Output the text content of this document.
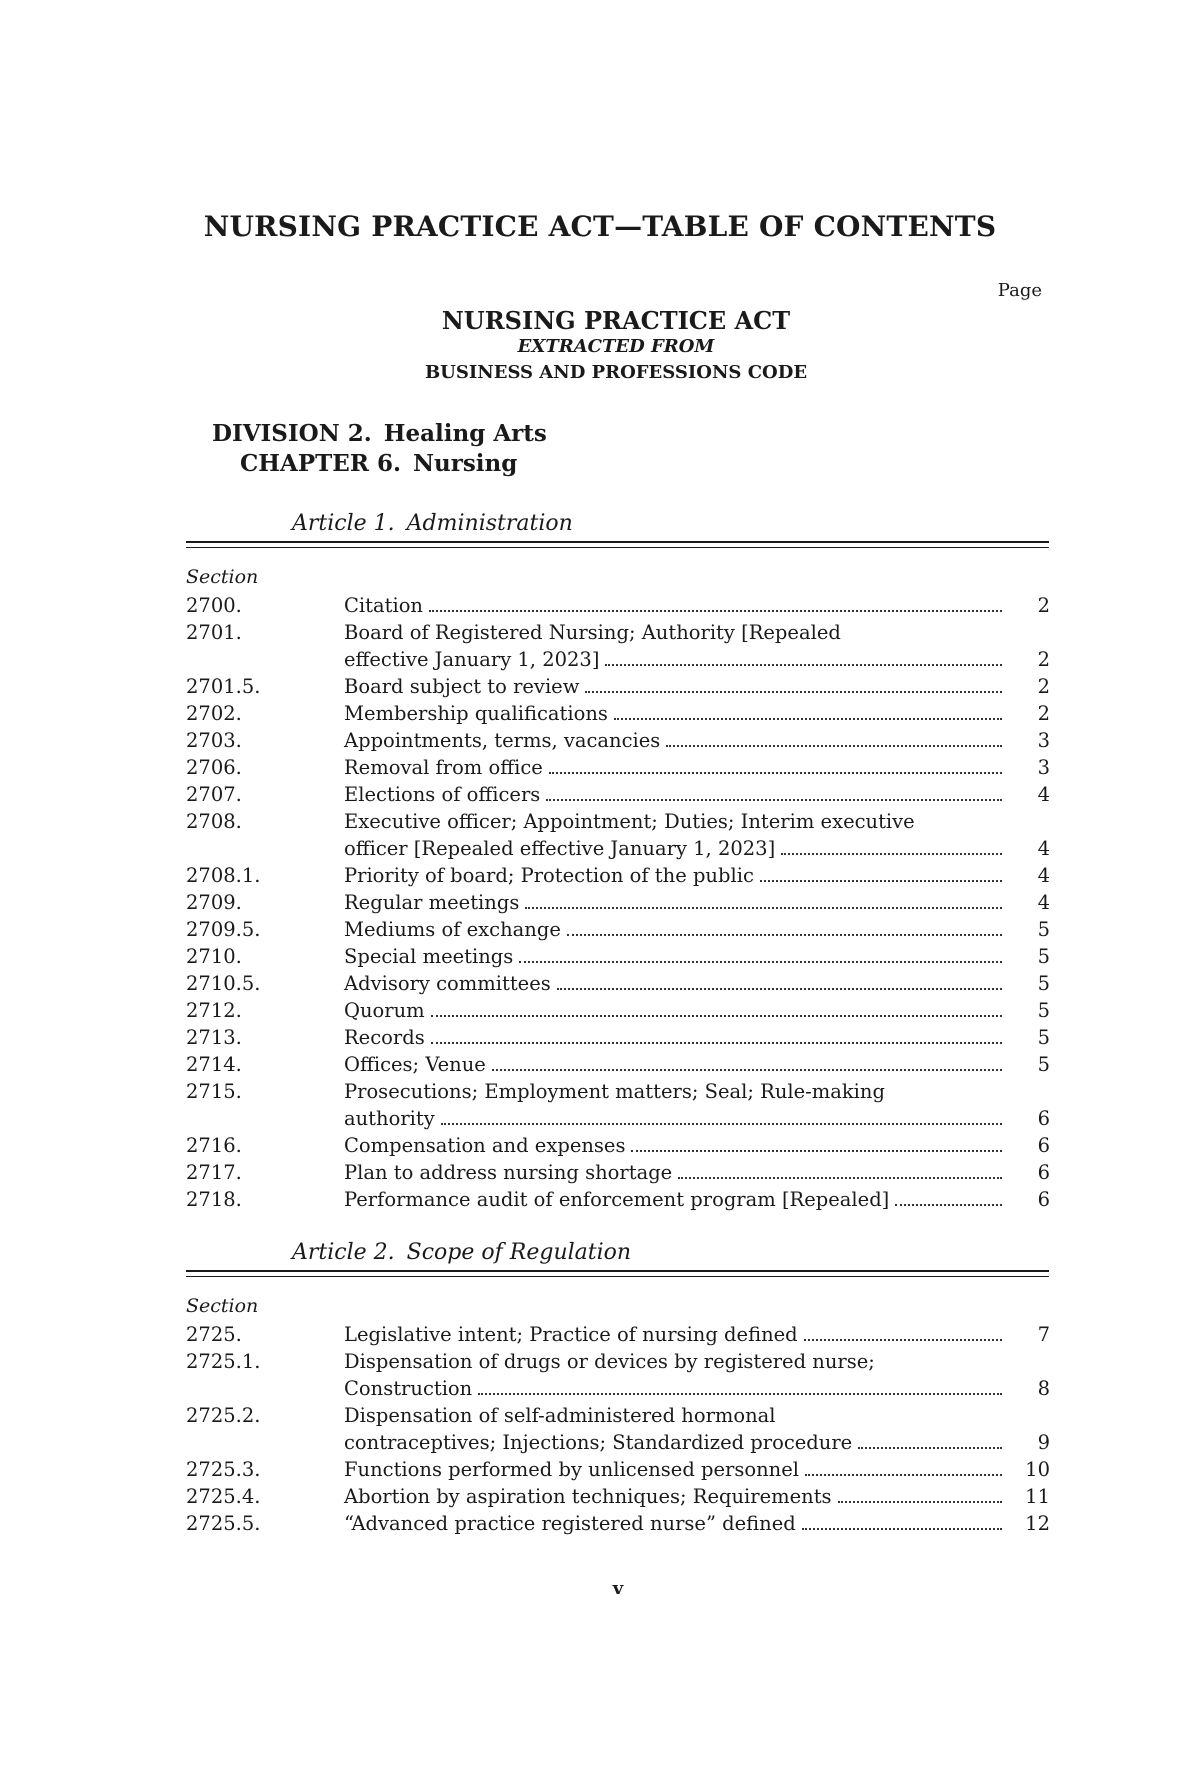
NURSING PRACTICE ACT—TABLE OF CONTENTS
Page
NURSING PRACTICE ACT
EXTRACTED FROM
BUSINESS AND PROFESSIONS CODE
DIVISION 2. Healing Arts
CHAPTER 6. Nursing
Article 1. Administration
Section
2700.	Citation	2
2701.	Board of Registered Nursing; Authority [Repealed
effective January 1, 2023]	2
2701.5.	Board subject to review	2
2702.	Membership qualifications	2
2703.	Appointments, terms, vacancies	3
2706.	Removal from office	3
2707.	Elections of officers	4
2708.	Executive officer; Appointment; Duties; Interim executive
officer [Repealed effective January 1, 2023]	4
2708.1.	Priority of board; Protection of the public	4
2709.	Regular meetings	4
2709.5.	Mediums of exchange	5
2710.	Special meetings	5
2710.5.	Advisory committees	5
2712.	Quorum	5
2713.	Records	5
2714.	Offices; Venue	5
2715.	Prosecutions; Employment matters; Seal; Rule-making
authority	6
2716.	Compensation and expenses	6
2717.	Plan to address nursing shortage	6
2718.	Performance audit of enforcement program [Repealed]	6
Article 2. Scope of Regulation
Section
2725.	Legislative intent; Practice of nursing defined	7
2725.1.	Dispensation of drugs or devices by registered nurse;
Construction	8
2725.2.	Dispensation of self-administered hormonal
contraceptives; Injections; Standardized procedure	9
2725.3.	Functions performed by unlicensed personnel	10
2725.4.	Abortion by aspiration techniques; Requirements	11
2725.5.	“Advanced practice registered nurse” defined	12
v
